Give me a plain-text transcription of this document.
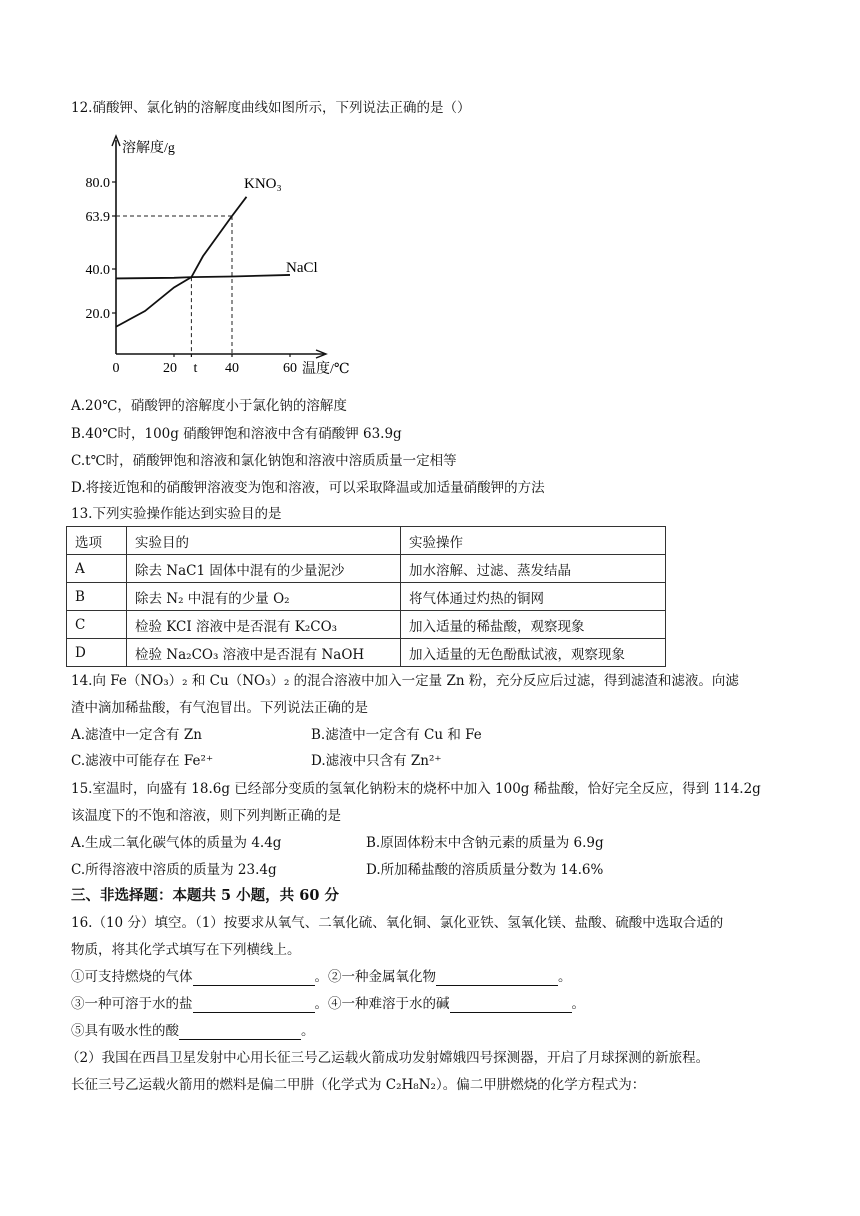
12.硝酸钾、氯化钠的溶解度曲线如图所示，下列说法正确的是（）
溶解度/g
温度/℃
80.0
63.9
40.0
20.0
0	20 t 40	60
KNO₃
NaCl
A.20℃，硝酸钾的溶解度小于氯化钠的溶解度
B.40℃时，100g 硝酸钾饱和溶液中含有硝酸钾 63.9g
C.t℃时，硝酸钾饱和溶液和氯化钠饱和溶液中溶质质量一定相等
D.将接近饱和的硝酸钾溶液变为饱和溶液，可以采取降温或加适量硝酸钾的方法
13.下列实验操作能达到实验目的是
选项	实验目的	实验操作
A	除去 NaC1 固体中混有的少量泥沙	加水溶解、过滤、蒸发结晶
B	除去 N₂ 中混有的少量 O₂	将气体通过灼热的铜网
C	检验 KCI 溶液中是否混有 K₂CO₃	加入适量的稀盐酸，观察现象
D	检验 Na₂CO₃ 溶液中是否混有 NaOH	加入适量的无色酚酞试液，观察现象
14.向 Fe（NO₃）₂ 和 Cu（NO₃）₂ 的混合溶液中加入一定量 Zn 粉，充分反应后过滤，得到滤渣和滤液。向滤
渣中滴加稀盐酸，有气泡冒出。下列说法正确的是
A.滤渣中一定含有 Zn	B.滤渣中一定含有 Cu 和 Fe
C.滤液中可能存在 Fe²⁺	D.滤液中只含有 Zn²⁺
15.室温时，向盛有 18.6g 已经部分变质的氢氧化钠粉末的烧杯中加入 100g 稀盐酸，恰好完全反应，得到 114.2g
该温度下的不饱和溶液，则下列判断正确的是
A.生成二氧化碳气体的质量为 4.4g	B.原固体粉末中含钠元素的质量为 6.9g
C.所得溶液中溶质的质量为 23.4g	D.所加稀盐酸的溶质质量分数为 14.6%
三、非选择题：本题共 5 小题，共 60 分
16.（10 分）填空。（1）按要求从氧气、二氧化硫、氧化铜、氯化亚铁、氢氧化镁、盐酸、硫酸中选取合适的
物质，将其化学式填写在下列横线上。
①可支持燃烧的气体	。②一种金属氧化物	。
③一种可溶于水的盐	。④一种难溶于水的碱	。
⑤具有吸水性的酸	。
（2）我国在西昌卫星发射中心用长征三号乙运载火箭成功发射嫦娥四号探测器，开启了月球探测的新旅程。
长征三号乙运载火箭用的燃料是偏二甲肼（化学式为 C₂H₈N₂）。偏二甲肼燃烧的化学方程式为：
